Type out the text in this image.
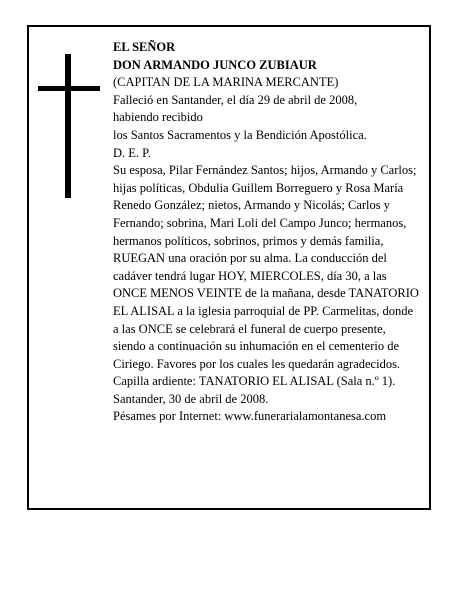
EL SEÑOR

DON ARMANDO JUNCO ZUBIAUR

(CAPITAN DE LA MARINA MERCANTE)

Falleció en Santander, el día 29 de abril de 2008,

habiendo recibido

los Santos Sacramentos y la Bendición Apostólica.

D. E. P.

Su esposa, Pilar Fernández Santos; hijos, Armando y Carlos; hijas políticas, Obdulia Guillem Borreguero y Rosa María Renedo González; nietos, Armando y Nicolás; Carlos y Fernando; sobrina, Mari Loli del Campo Junco; hermanos, hermanos políticos, sobrinos, primos y demás familia,

RUEGAN una oración por su alma. La conducción del cadáver tendrá lugar HOY, MIERCOLES, día 30, a las ONCE MENOS VEINTE de la mañana, desde TANATORIO EL ALISAL a la iglesia parroquial de PP. Carmelitas, donde a las ONCE se celebrará el funeral de cuerpo presente, siendo a continuación su inhumación en el cementerio de Ciriego. Favores por los cuales les quedarán agradecidos.

Capilla ardiente: TANATORIO EL ALISAL (Sala n.º 1).

Santander, 30 de abril de 2008.

Pésames por Internet: www.funerarialamontanesa.com
